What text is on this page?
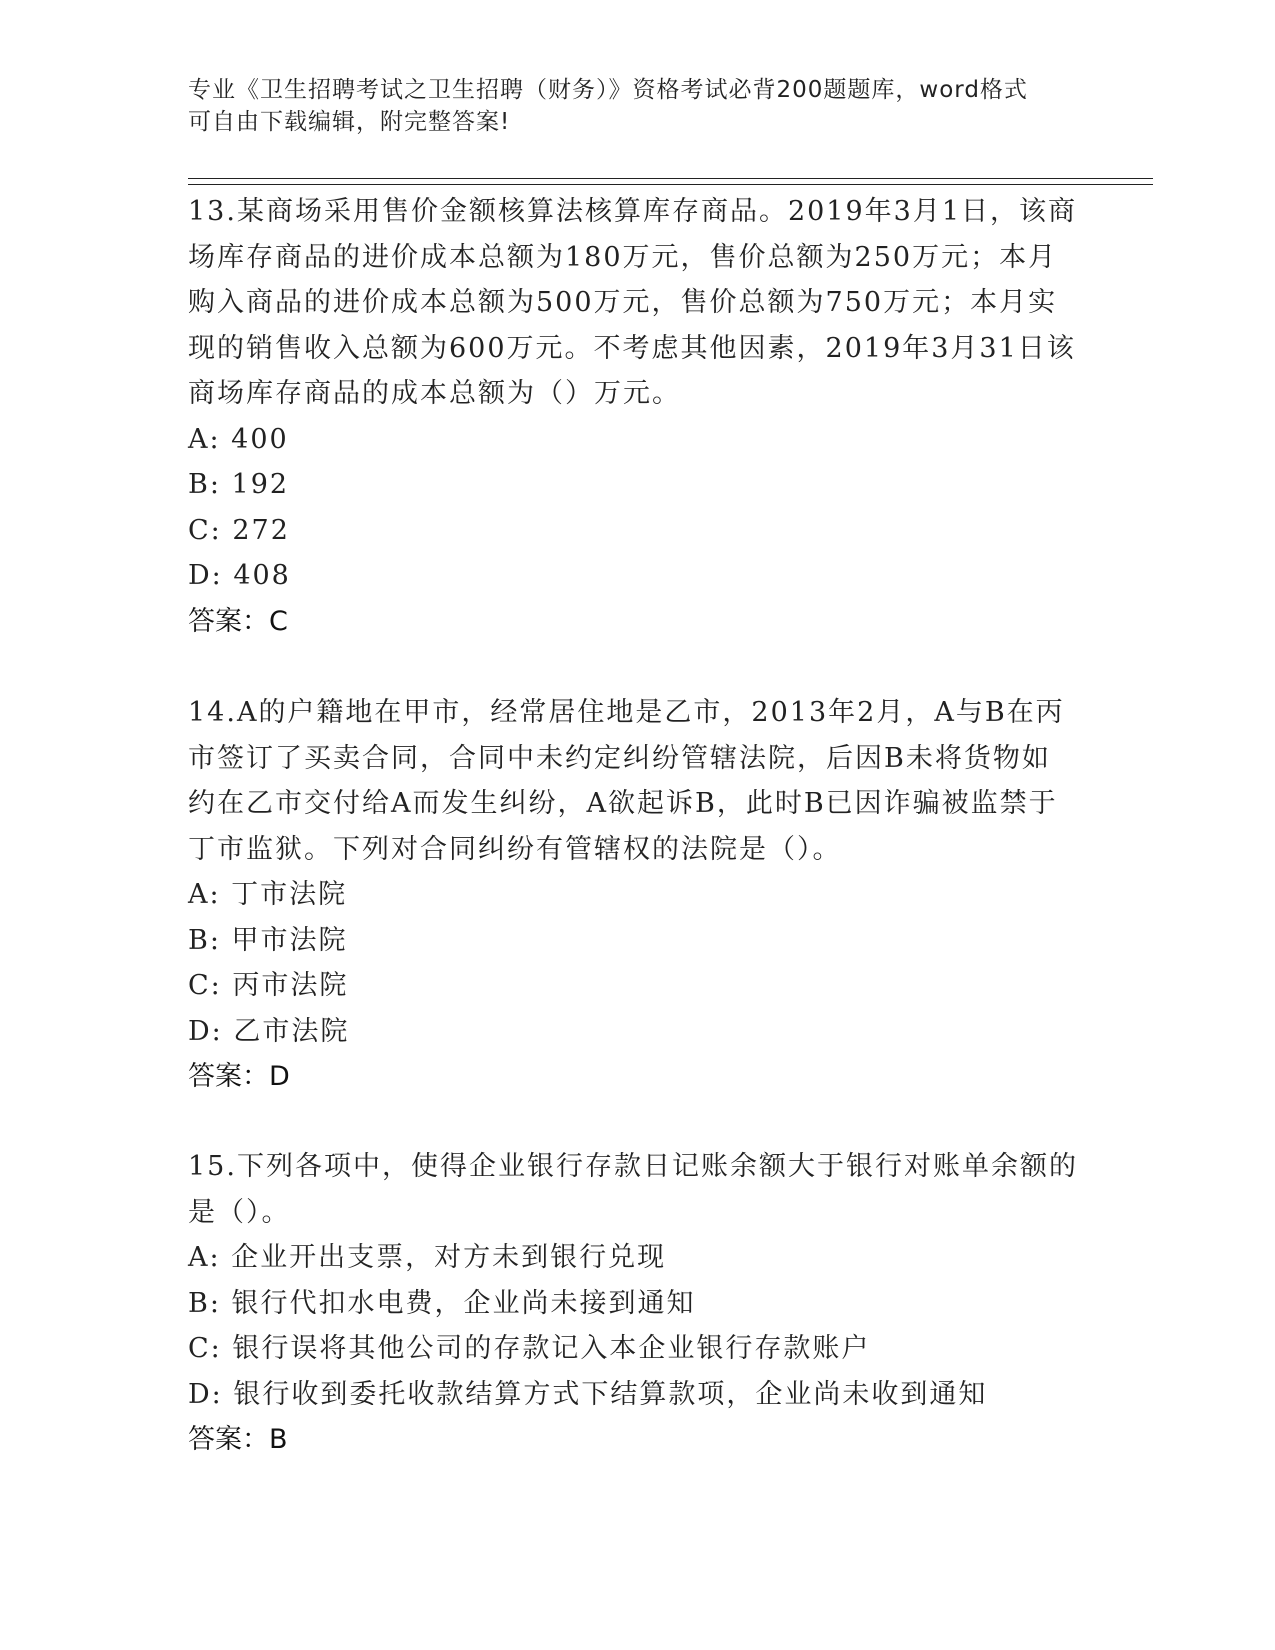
专业《卫生招聘考试之卫生招聘（财务）》资格考试必背200题题库，word格式
可自由下载编辑，附完整答案!
13.某商场采用售价金额核算法核算库存商品。2019年3月1日，该商
场库存商品的进价成本总额为180万元，售价总额为250万元；本月
购入商品的进价成本总额为500万元，售价总额为750万元；本月实
现的销售收入总额为600万元。不考虑其他因素，2019年3月31日该
商场库存商品的成本总额为（）万元。
A: 400
B: 192
C: 272
D: 408
答案：C
14.A的户籍地在甲市，经常居住地是乙市，2013年2月，A与B在丙
市签订了买卖合同，合同中未约定纠纷管辖法院，后因B未将货物如
约在乙市交付给A而发生纠纷，A欲起诉B，此时B已因诈骗被监禁于
丁市监狱。下列对合同纠纷有管辖权的法院是（）。
A: 丁市法院
B: 甲市法院
C: 丙市法院
D: 乙市法院
答案：D
15.下列各项中，使得企业银行存款日记账余额大于银行对账单余额的
是（）。
A: 企业开出支票，对方未到银行兑现
B: 银行代扣水电费，企业尚未接到通知
C: 银行误将其他公司的存款记入本企业银行存款账户
D: 银行收到委托收款结算方式下结算款项，企业尚未收到通知
答案：B
